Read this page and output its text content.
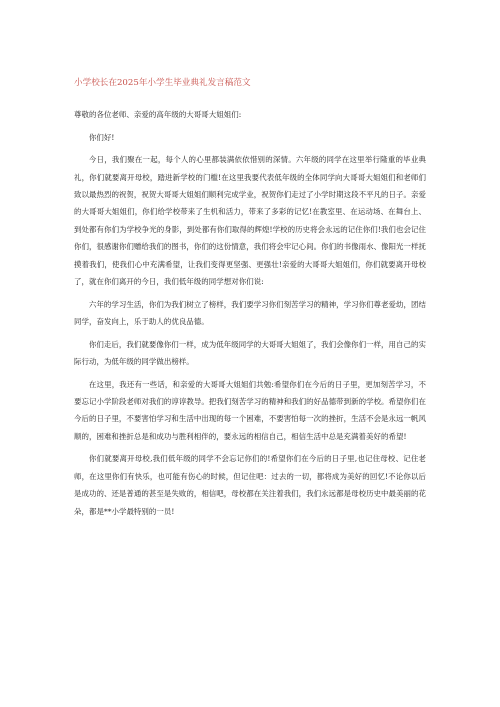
小学校长在2025年小学生毕业典礼发言稿范文

尊敬的各位老师、亲爱的高年级的大哥哥大姐姐们:

你们好!

今日，我们聚在一起，每个人的心里都装满依依惜别的深情。六年级的同学在这里举行隆重的毕业典礼，你们就要离开母校，踏进新学校的门槛!在这里我要代表低年级的全体同学向大哥哥大姐姐们和老师们致以最热烈的祝贺，祝贺大哥哥大姐姐们顺利完成学业，祝贺你们走过了小学时期这段不平凡的日子。亲爱的大哥哥大姐姐们，你们给学校带来了生机和活力，带来了多彩的记忆!在教室里、在运动场、在舞台上、到处都有你们为学校争光的身影，到处都有你们取得的辉煌!学校的历史将会永远的记住你们!我们也会记住你们，很感谢你们赠给我们的图书，你们的这份情意，我们将会牢记心间。你们的书像雨水、像阳光一样抚摸着我们，使我们心中充满希望，让我们变得更坚强、更强壮!亲爱的大哥哥大姐姐们，你们就要离开母校了，就在你们离开的今日，我们低年级的同学想对你们说:

六年的学习生活，你们为我们树立了榜样，我们要学习你们刻苦学习的精神，学习你们尊老爱幼，团结同学，奋发向上，乐于助人的优良品德。

你们走后，我们就要像你们一样，成为低年级同学的大哥哥大姐姐了，我们会像你们一样，用自己的实际行动，为低年级的同学做出榜样。

在这里，我还有一些话，和亲爱的大哥哥大姐姐们共勉:希望你们在今后的日子里，更加刻苦学习，不要忘记小学阶段老师对我们的谆谆教导。把我们刻苦学习的精神和我们的好品德带到新的学校。希望你们在今后的日子里，不要害怕学习和生活中出现的每一个困难，不要害怕每一次的挫折，生活不会是永远一帆风顺的，困难和挫折总是和成功与胜利相伴的，要永远的相信自己，相信生活中总是充满着美好的希望!

你们就要离开母校,我们低年级的同学不会忘记你们的!希望你们在今后的日子里,也记住母校、记住老师，在这里你们有快乐，也可能有伤心的时候，但记住吧：过去的一切，都将成为美好的回忆!不论你以后是成功的、还是普通的甚至是失败的，相信吧，母校都在关注着我们，我们永远都是母校历史中最美丽的花朵，都是**小学最特别的一员!
